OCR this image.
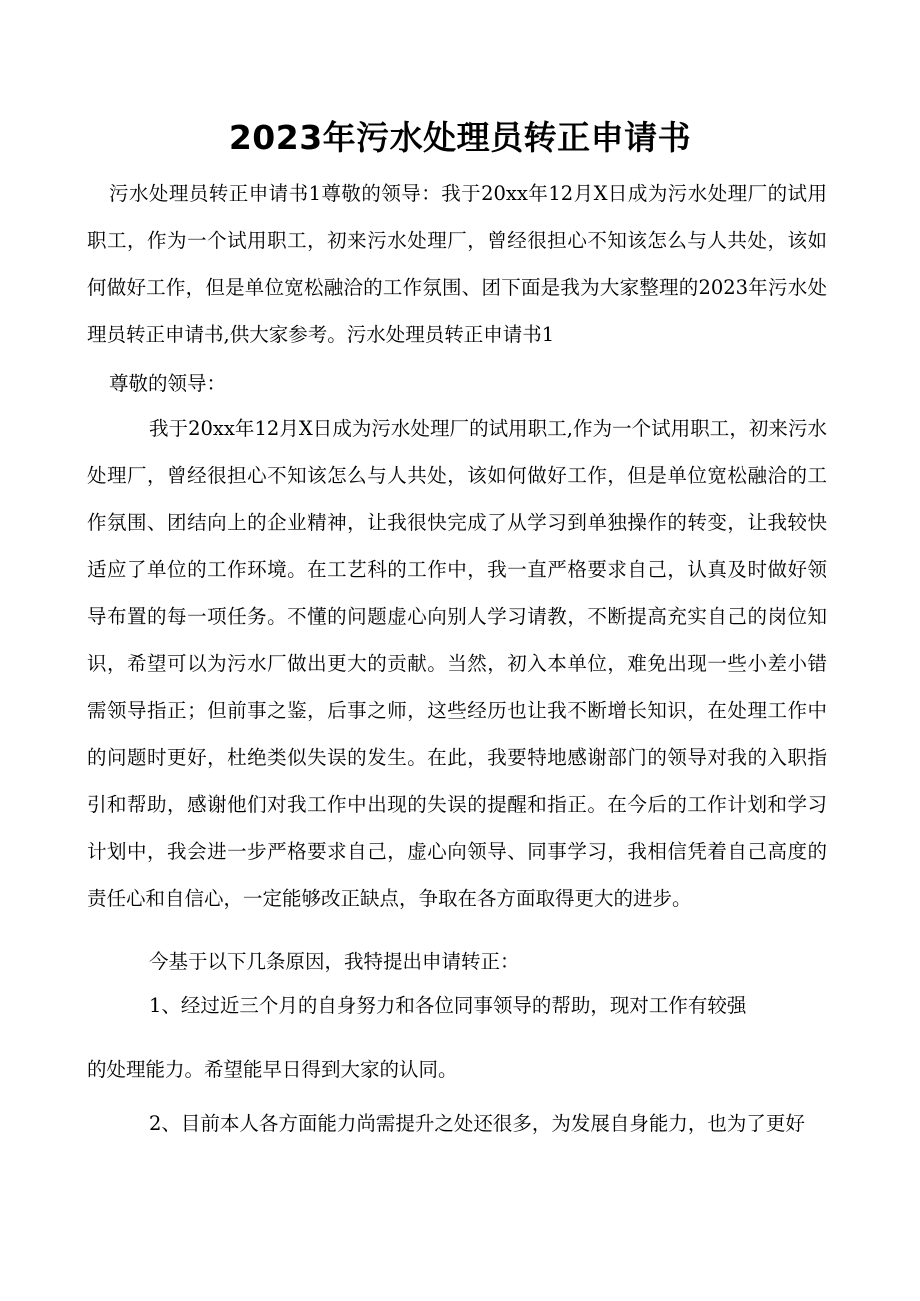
2023年污水处理员转正申请书

污水处理员转正申请书1尊敬的领导：我于20xx年12月X日成为污水处理厂的试用职工，作为一个试用职工，初来污水处理厂，曾经很担心不知该怎么与人共处，该如何做好工作，但是单位宽松融洽的工作氛围、团下面是我为大家整理的2023年污水处理员转正申请书,供大家参考。污水处理员转正申请书1

尊敬的领导：

我于20xx年12月X日成为污水处理厂的试用职工,作为一个试用职工，初来污水处理厂，曾经很担心不知该怎么与人共处，该如何做好工作，但是单位宽松融洽的工作氛围、团结向上的企业精神，让我很快完成了从学习到单独操作的转变，让我较快适应了单位的工作环境。在工艺科的工作中，我一直严格要求自己，认真及时做好领导布置的每一项任务。不懂的问题虚心向别人学习请教，不断提高充实自己的岗位知识，希望可以为污水厂做出更大的贡献。当然，初入本单位，难免出现一些小差小错需领导指正；但前事之鉴，后事之师，这些经历也让我不断增长知识，在处理工作中的问题时更好，杜绝类似失误的发生。在此，我要特地感谢部门的领导对我的入职指引和帮助，感谢他们对我工作中出现的失误的提醒和指正。在今后的工作计划和学习计划中，我会进一步严格要求自己，虚心向领导、同事学习，我相信凭着自己高度的责任心和自信心，一定能够改正缺点，争取在各方面取得更大的进步。

今基于以下几条原因，我特提出申请转正：

1、经过近三个月的自身努力和各位同事领导的帮助，现对工作有较强

的处理能力。希望能早日得到大家的认同。

2、目前本人各方面能力尚需提升之处还很多，为发展自身能力，也为了更好
